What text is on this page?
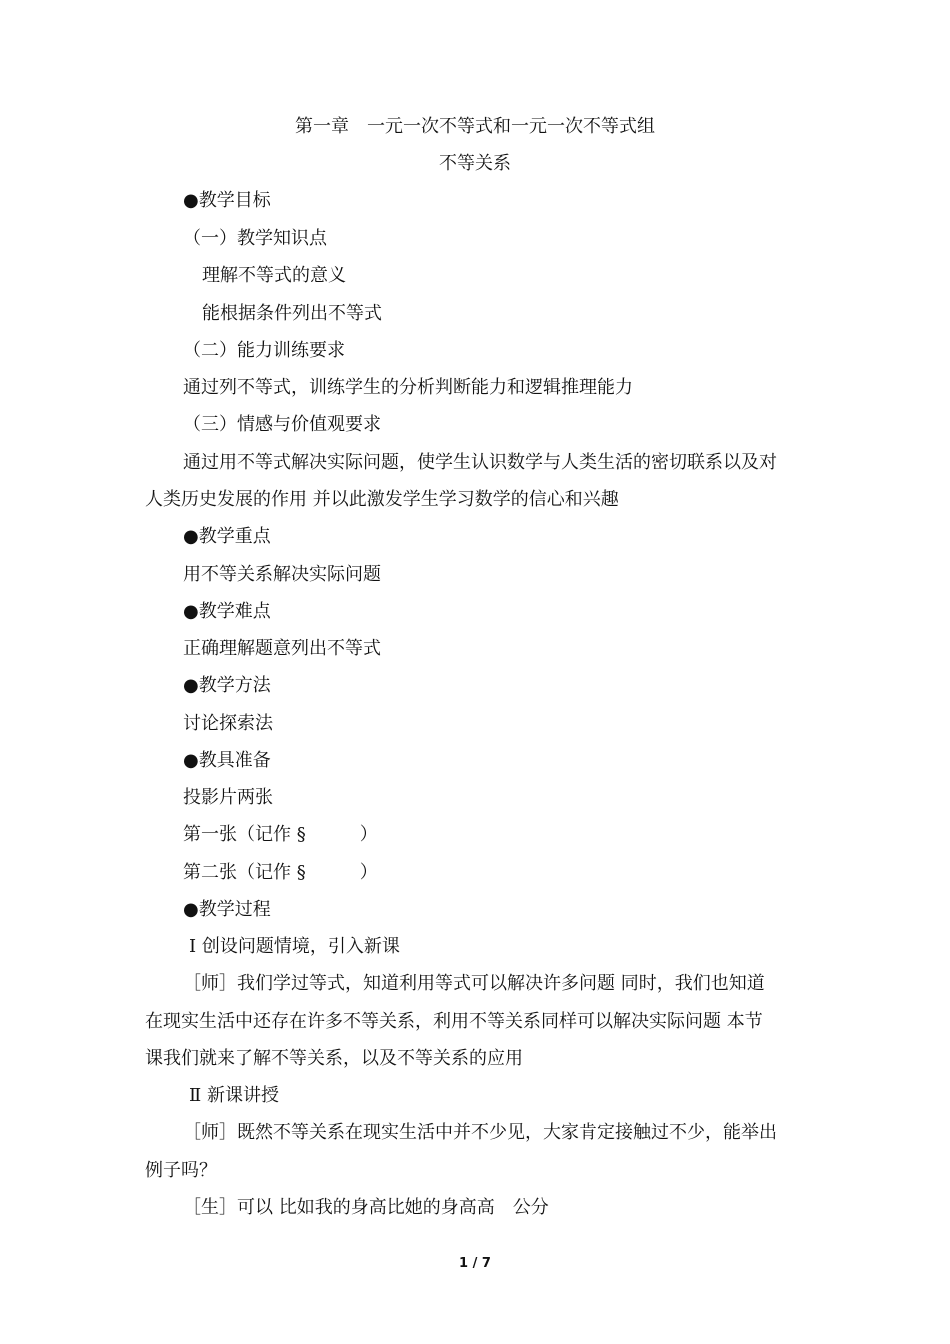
第一章　一元一次不等式和一元一次不等式组
不等关系
●教学目标
（一）教学知识点
理解不等式的意义
能根据条件列出不等式
（二）能力训练要求
通过列不等式，训练学生的分析判断能力和逻辑推理能力
（三）情感与价值观要求
通过用不等式解决实际问题，使学生认识数学与人类生活的密切联系以及对
人类历史发展的作用 并以此激发学生学习数学的信心和兴趣
●教学重点
用不等关系解决实际问题
●教学难点
正确理解题意列出不等式
●教学方法
讨论探索法
●教具准备
投影片两张
第一张（记作 §　　　）
第二张（记作 §　　　）
●教学过程
Ⅰ 创设问题情境，引入新课
［师］我们学过等式，知道利用等式可以解决许多问题 同时，我们也知道
在现实生活中还存在许多不等关系，利用不等关系同样可以解决实际问题 本节
课我们就来了解不等关系，以及不等关系的应用
Ⅱ 新课讲授
［师］既然不等关系在现实生活中并不少见，大家肯定接触过不少，能举出
例子吗？
［生］可以 比如我的身高比她的身高高　公分
1 / 7
